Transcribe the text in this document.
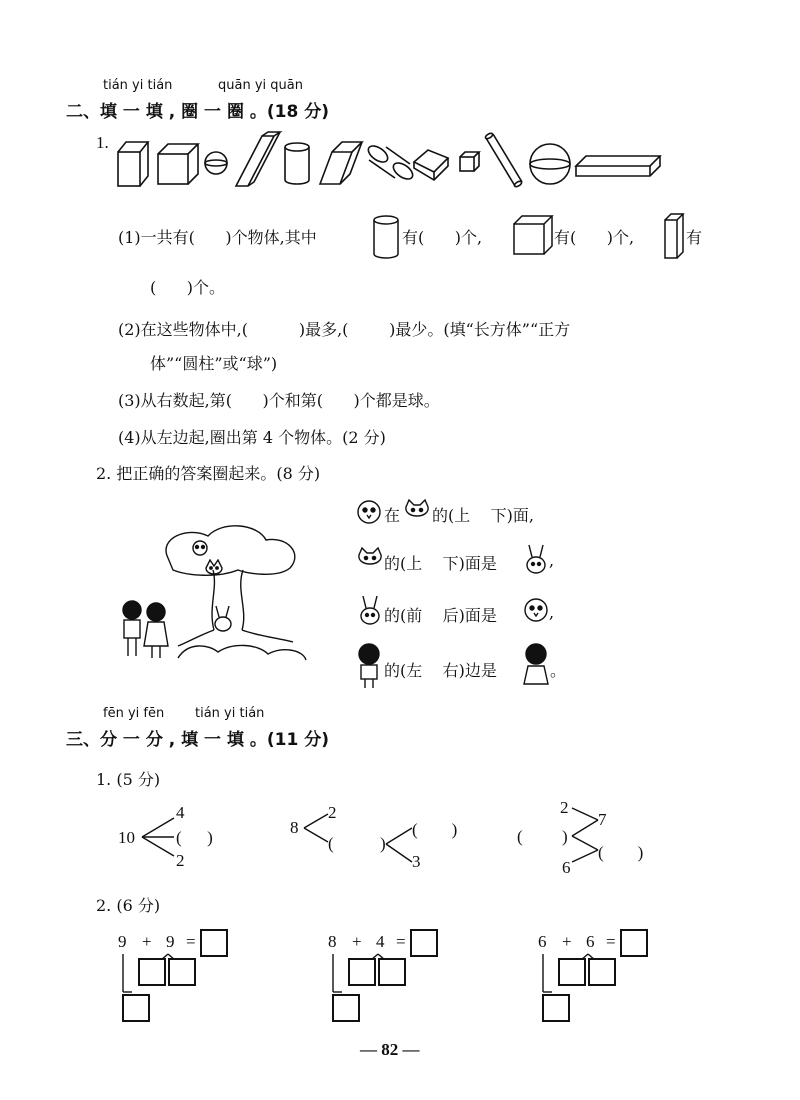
tián yi tián	quān yi quān
二、填 一 填 , 圈 一 圈 。(18 分)
1.
(1)一共有(      )个物体,其中	有(      )个,	有(      )个,	有
(      )个。
(2)在这些物体中,(          )最多,(        )最少。(填“长方体”“正方
体”“圆柱”或“球”)
(3)从右数起,第(      )个和第(      )个都是球。
(4)从左边起,圈出第 4 个物体。(2 分)
2. 把正确的答案圈起来。(8 分)
在 的(上    下)面,
的(上    下)面是	,
的(前    后)面是	,
的(左    右)边是	。
fēn yi fēn tián yi tián
三、分 一 分 , 填 一 填 。(11 分)
1. (5 分)
10
4
(      )
2
8
2
(	)
(        )
3
2
( )
6
7
(        )
2. (6 分)
9 + 9 =	8 + 4 =	6 + 6 =
— 82 —
